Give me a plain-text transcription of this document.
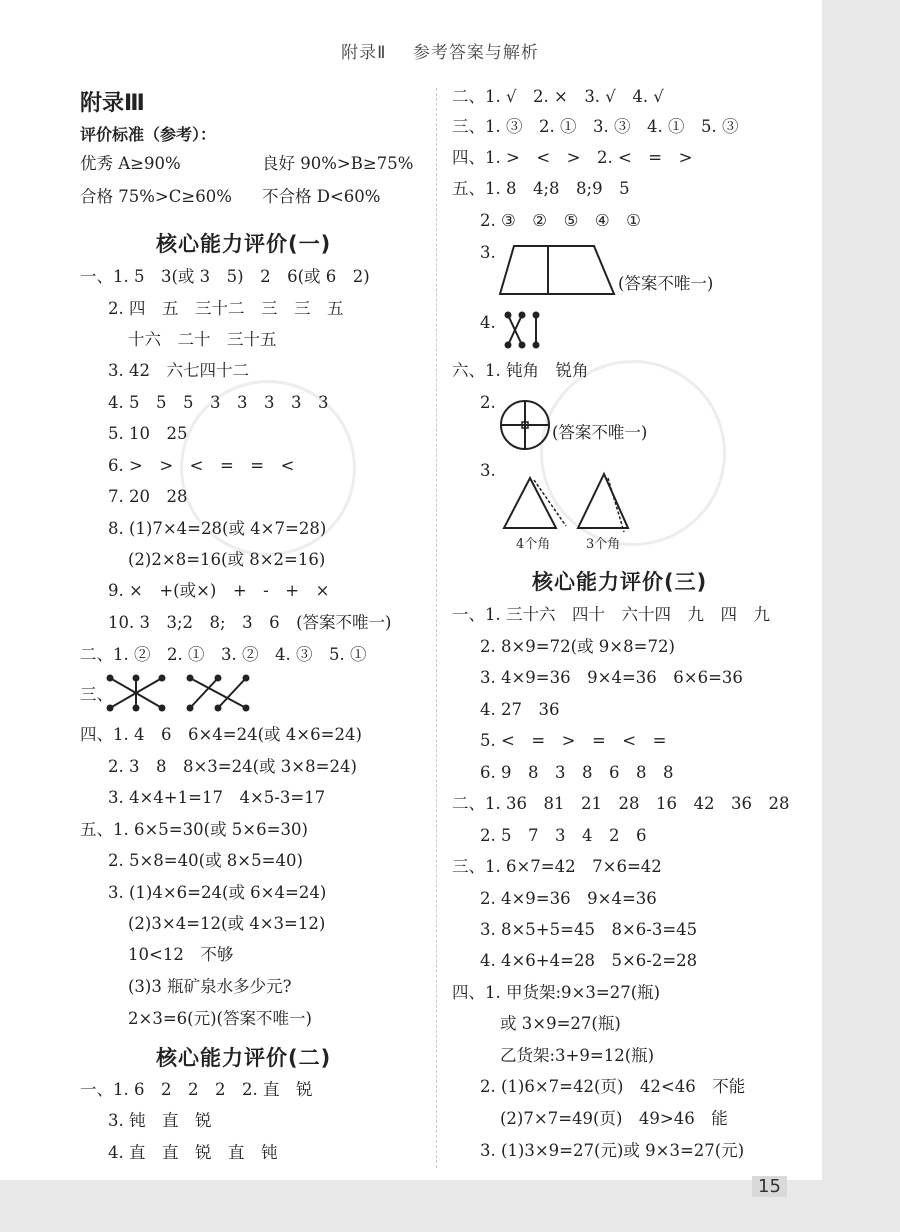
附录Ⅱ 参考答案与解析
附录Ⅲ
评价标准（参考）：
优秀 A≥90%	良好 90%>B≥75%
合格 75%>C≥60% 不合格 D<60%
核心能力评价(一)
一、1. 5　3(或 3　5)　2　6(或 6　2)
2. 四　五　三十二　三　三　五
十六　二十　三十五
3. 42　六七四十二
4. 5　5　5　3　3　3　3　3
5. 10　25
6. >　>　<　=　=　<
7. 20　28
8. (1)7×4=28(或 4×7=28)
(2)2×8=16(或 8×2=16)
9. ×　+(或×)　+　-　+　×
10. 3　3;2　8;　3　6　(答案不唯一)
二、1. ②　2. ①　3. ②　4. ③　5. ①
三、
四、1. 4　6　6×4=24(或 4×6=24)
2. 3　8　8×3=24(或 3×8=24)
3. 4×4+1=17　4×5-3=17
五、1. 6×5=30(或 5×6=30)
2. 5×8=40(或 8×5=40)
3. (1)4×6=24(或 6×4=24)
(2)3×4=12(或 4×3=12)
10<12　不够
(3)3 瓶矿泉水多少元?
2×3=6(元)(答案不唯一)
核心能力评价(二)
一、1. 6　2　2　2　2. 直　锐
3. 钝　直　锐
4. 直　直　锐　直　钝
二、1. √　2. ×　3. √　4. √
三、1. ③　2. ①　3. ③　4. ①　5. ③
四、1. >　<　>　2. <　=　>
五、1. 8　4;8　8;9　5
2. ③　②　⑤　④　①
3.
(答案不唯一)
4.
六、1. 钝角　锐角
2.
(答案不唯一)
3.
4个角	3个角
核心能力评价(三)
一、1. 三十六　四十　六十四　九　四　九
2. 8×9=72(或 9×8=72)
3. 4×9=36　9×4=36　6×6=36
4. 27　36
5. <　=　>　=　<　=
6. 9　8　3　8　6　8　8
二、1. 36　81　21　28　16　42　36　28
2. 5　7　3　4　2　6
三、1. 6×7=42　7×6=42
2. 4×9=36　9×4=36
3. 8×5+5=45　8×6-3=45
4. 4×6+4=28　5×6-2=28
四、1. 甲货架:9×3=27(瓶)
或 3×9=27(瓶)
乙货架:3+9=12(瓶)
2. (1)6×7=42(页)　42<46　不能
(2)7×7=49(页)　49>46　能
3. (1)3×9=27(元)或 9×3=27(元)
15
